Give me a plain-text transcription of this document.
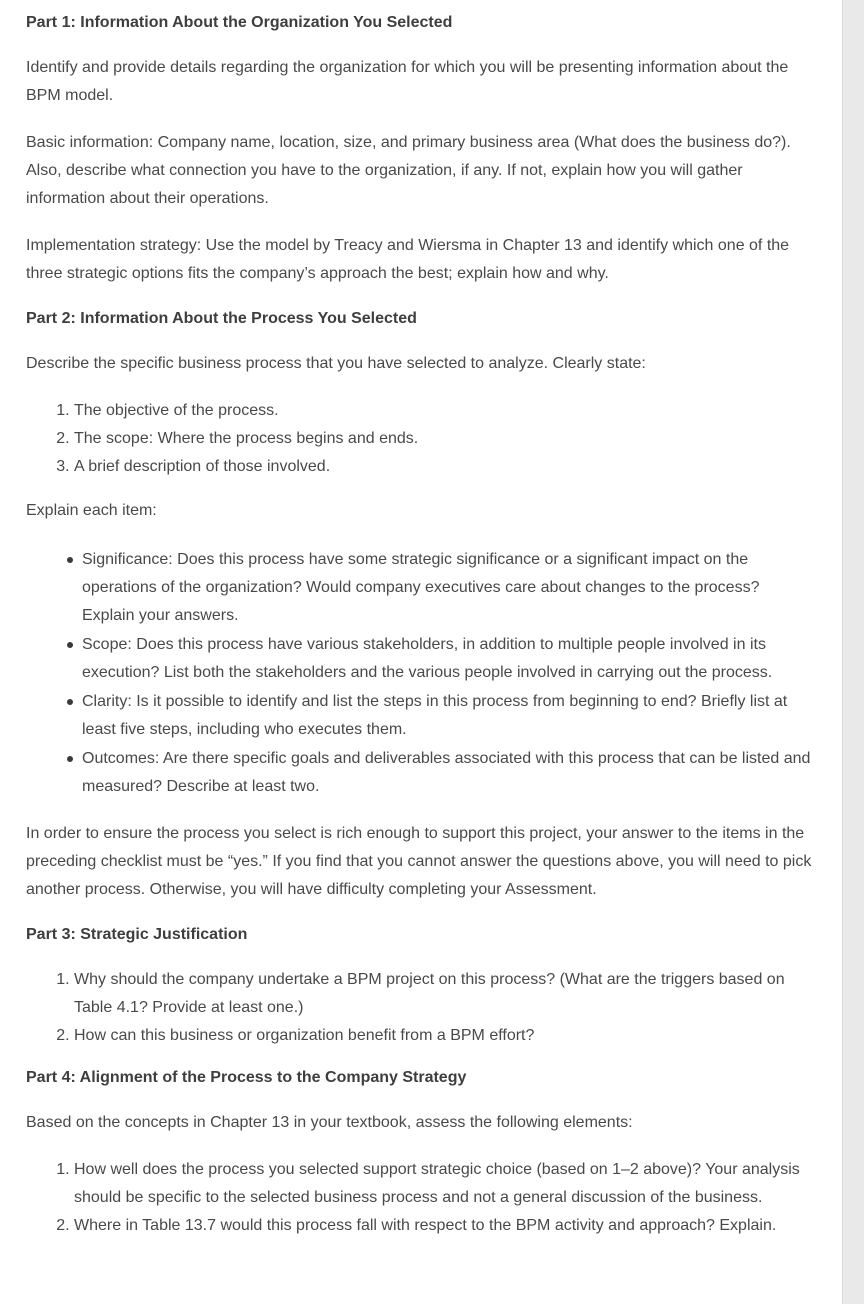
Part 1: Information About the Organization You Selected

Identify and provide details regarding the organization for which you will be presenting information about the BPM model.

Basic information: Company name, location, size, and primary business area (What does the business do?). Also, describe what connection you have to the organization, if any. If not, explain how you will gather information about their operations.

Implementation strategy: Use the model by Treacy and Wiersma in Chapter 13 and identify which one of the three strategic options fits the company’s approach the best; explain how and why.

Part 2: Information About the Process You Selected

Describe the specific business process that you have selected to analyze. Clearly state:

1. The objective of the process.
2. The scope: Where the process begins and ends.
3. A brief description of those involved.

Explain each item:

Significance: Does this process have some strategic significance or a significant impact on the operations of the organization? Would company executives care about changes to the process? Explain your answers.
Scope: Does this process have various stakeholders, in addition to multiple people involved in its execution? List both the stakeholders and the various people involved in carrying out the process.
Clarity: Is it possible to identify and list the steps in this process from beginning to end? Briefly list at least five steps, including who executes them.
Outcomes: Are there specific goals and deliverables associated with this process that can be listed and measured? Describe at least two.

In order to ensure the process you select is rich enough to support this project, your answer to the items in the preceding checklist must be “yes.” If you find that you cannot answer the questions above, you will need to pick another process. Otherwise, you will have difficulty completing your Assessment.

Part 3: Strategic Justification
1. Why should the company undertake a BPM project on this process? (What are the triggers based on Table 4.1? Provide at least one.)
2. How can this business or organization benefit from a BPM effort?
Part 4: Alignment of the Process to the Company Strategy

Based on the concepts in Chapter 13 in your textbook, assess the following elements:

1. How well does the process you selected support strategic choice (based on 1–2 above)? Your analysis should be specific to the selected business process and not a general discussion of the business.
2. Where in Table 13.7 would this process fall with respect to the BPM activity and approach? Explain.
